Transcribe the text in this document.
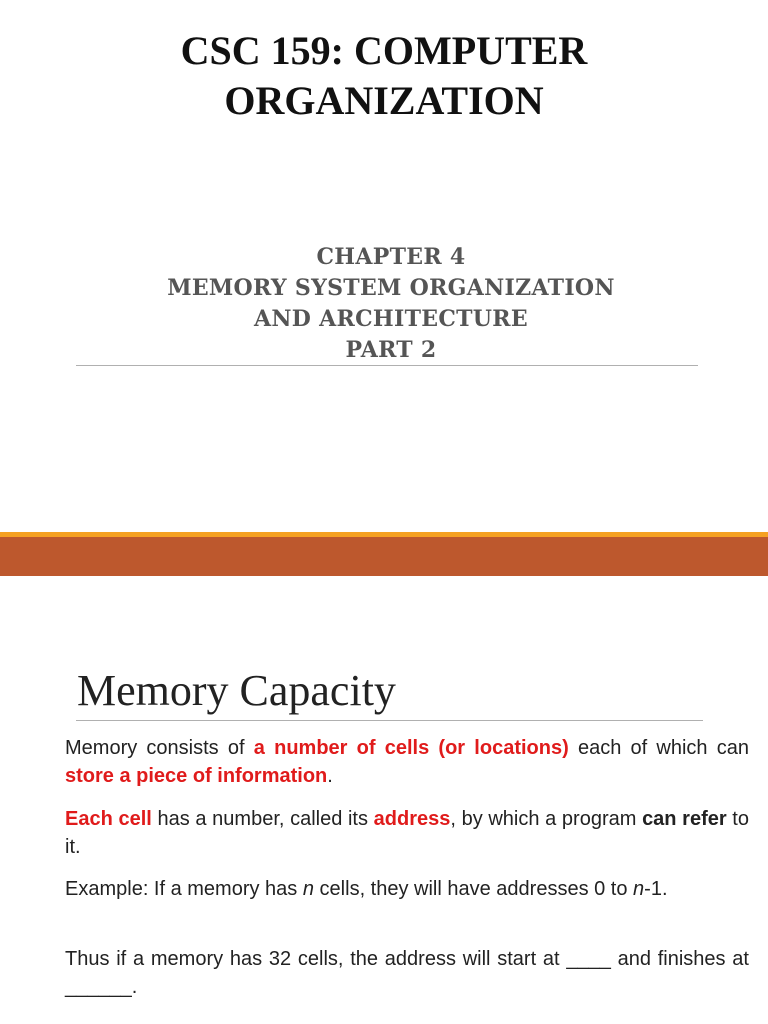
CSC 159: COMPUTER
ORGANIZATION
CHAPTER 4
MEMORY SYSTEM ORGANIZATION
AND ARCHITECTURE
PART 2
Memory Capacity

Memory consists of a number of cells (or locations) each of which can store a piece of information.

Each cell has a number, called its address, by which a program can refer to it.

Example: If a memory has n cells, they will have addresses 0 to n-1.

Thus if a memory has 32 cells, the address will start at ____ and finishes at ______.
